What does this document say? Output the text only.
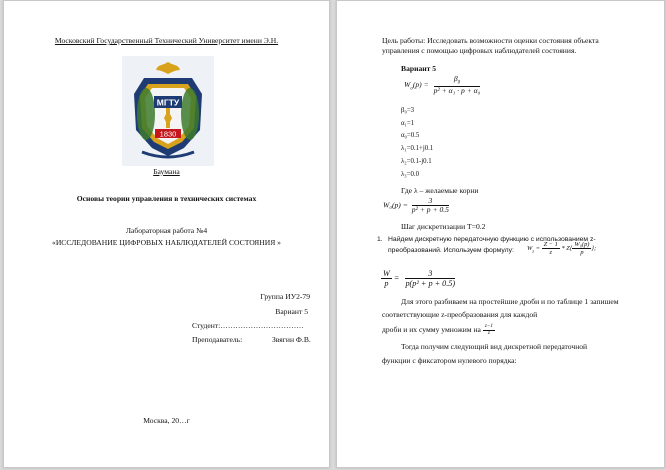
Московский Государственный Технический Университет имени Э.Н.
МГТУ
1830
Баумана
Основы теории управления в технических системах
Лабораторная работа №4
«ИССЛЕДОВАНИЕ ЦИФРОВЫХ НАБЛЮДАТЕЛЕЙ СОСТОЯНИЯ »
Группа ИУ2-79
Вариант 5
Студент:……………………………
Преподаватель:	Звягин Ф.В.
Москва, 20…г
Цель работы: Исследовать возможности оценки состояния объекта
управления с помощью цифровых наблюдателей состояния.
Вариант 5
$W_о(p) = \frac{\beta_0}{\text{p² + α₁ · p + α₀}}$
β₀=3
α₁=1
α₀=0.5
λ₁=0.1+j0.1
λ₂=0.1-j0.1
λ₃=0.0
Где λ – желаемые корни
$W_0(p) = \frac{3}{\text{p² + p + 0.5}}$
Шаг дискретизации T=0.2
1. Найдем дискретную передаточную функцию с использованием z-
преобразований. Используем формулу: $W_z = \frac{Z - 1}{z} * Z\{ \frac{\text{W₀(p)}}{p}$ };
$\frac{W}{p} = \frac{3}{\text{p(p² + p + 0.5)}}$
Для этого разбиваем на простейшие дроби и по таблице 1 запишем
соответствующие z-преобразования для каждой
дроби и их сумму умножим на $\frac{z-1}{z}$
Тогда получим следующий вид дискретной передаточной
функции с фиксатором нулевого порядка:
